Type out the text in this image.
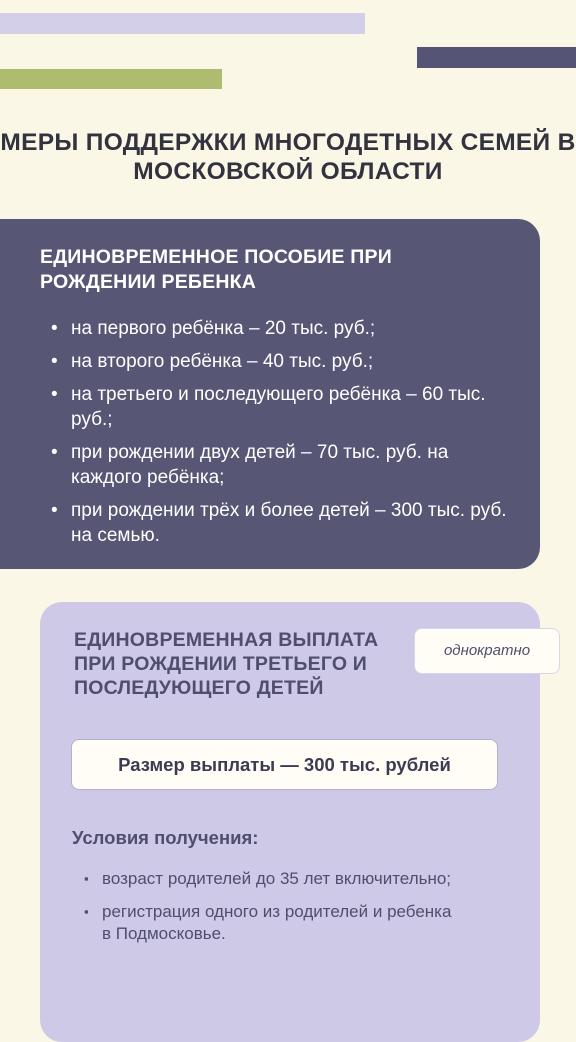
МЕРЫ ПОДДЕРЖКИ МНОГОДЕТНЫХ СЕМЕЙ В МОСКОВСКОЙ ОБЛАСТИ
ЕДИНОВРЕМЕННОЕ ПОСОБИЕ ПРИ РОЖДЕНИИ РЕБЕНКА
• на первого ребёнка – 20 тыс. руб.;
• на второго ребёнка – 40 тыс. руб.;
• на третьего и последующего ребёнка – 60 тыс. руб.;
• при рождении двух детей – 70 тыс. руб. на каждого ребёнка;
• при рождении трёх и более детей – 300 тыс. руб. на семью.
ЕДИНОВРЕМЕННАЯ ВЫПЛАТА ПРИ РОЖДЕНИИ ТРЕТЬЕГО И ПОСЛЕДУЮЩЕГО ДЕТЕЙ
однократно
Размер выплаты — 300 тыс. рублей
Условия получения:
▪ возраст родителей до 35 лет включительно;
▪ регистрация одного из родителей и ребенка в Подмосковье.
